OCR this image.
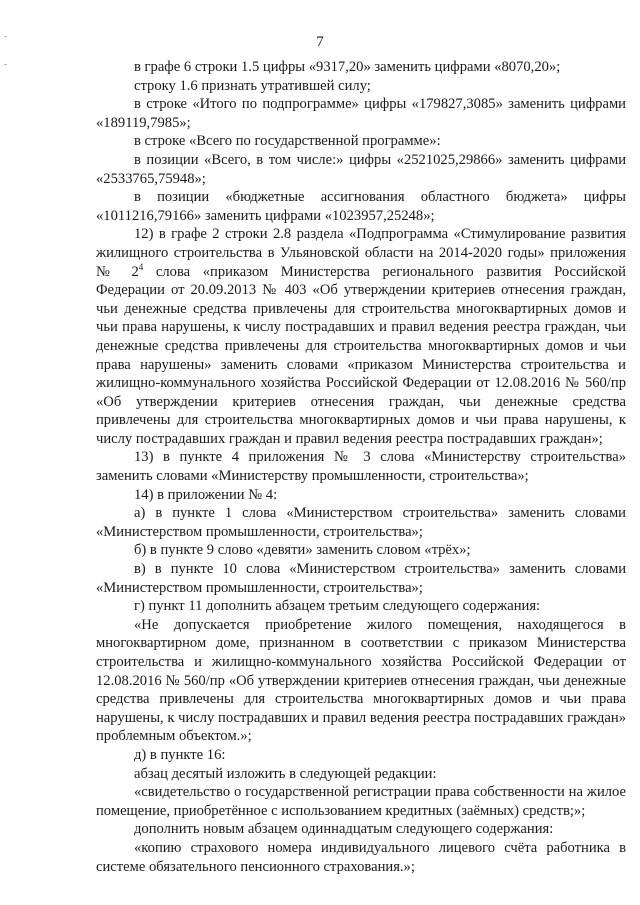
7

в графе 6 строки 1.5 цифры «9317,20» заменить цифрами «8070,20»;

строку 1.6 признать утратившей силу;

в строке «Итого по подпрограмме» цифры «179827,3085» заменить цифрами «189119,7985»;

в строке «Всего по государственной программе»:

в позиции «Всего, в том числе:» цифры «2521025,29866» заменить цифрами «2533765,75948»;

в позиции «бюджетные ассигнования областного бюджета» цифры «1011216,79166» заменить цифрами «1023957,25248»;

12) в графе 2 строки 2.8 раздела «Подпрограмма «Стимулирование развития жилищного строительства в Ульяновской области на 2014-2020 годы» приложения № $2^4$ слова «приказом Министерства регионального развития Российской Федерации от 20.09.2013 № 403 «Об утверждении критериев отнесения граждан, чьи денежные средства привлечены для строительства многоквартирных домов и чьи права нарушены, к числу пострадавших и правил ведения реестра граждан, чьи денежные средства привлечены для строительства многоквартирных домов и чьи права нарушены» заменить словами «приказом Министерства строительства и жилищно-коммунального хозяйства Российской Федерации от 12.08.2016 № 560/пр «Об утверждении критериев отнесения граждан, чьи денежные средства привлечены для строительства многоквартирных домов и чьи права нарушены, к числу пострадавших граждан и правил ведения реестра пострадавших граждан»;

13) в пункте 4 приложения № 3 слова «Министерству строительства» заменить словами «Министерству промышленности, строительства»;

14) в приложении № 4:

а) в пункте 1 слова «Министерством строительства» заменить словами «Министерством промышленности, строительства»;

б) в пункте 9 слово «девяти» заменить словом «трёх»;

в) в пункте 10 слова «Министерством строительства» заменить словами «Министерством промышленности, строительства»;

г) пункт 11 дополнить абзацем третьим следующего содержания:

«Не допускается приобретение жилого помещения, находящегося в многоквартирном доме, признанном в соответствии с приказом Министерства строительства и жилищно-коммунального хозяйства Российской Федерации от 12.08.2016 № 560/пр «Об утверждении критериев отнесения граждан, чьи денежные средства привлечены для строительства многоквартирных домов и чьи права нарушены, к числу пострадавших и правил ведения реестра пострадавших граждан» проблемным объектом.»;

д) в пункте 16:

абзац десятый изложить в следующей редакции:

«свидетельство о государственной регистрации права собственности на жилое помещение, приобретённое с использованием кредитных (заёмных) средств;»;

дополнить новым абзацем одиннадцатым следующего содержания:

«копию страхового номера индивидуального лицевого счёта работника в системе обязательного пенсионного страхования.»;
